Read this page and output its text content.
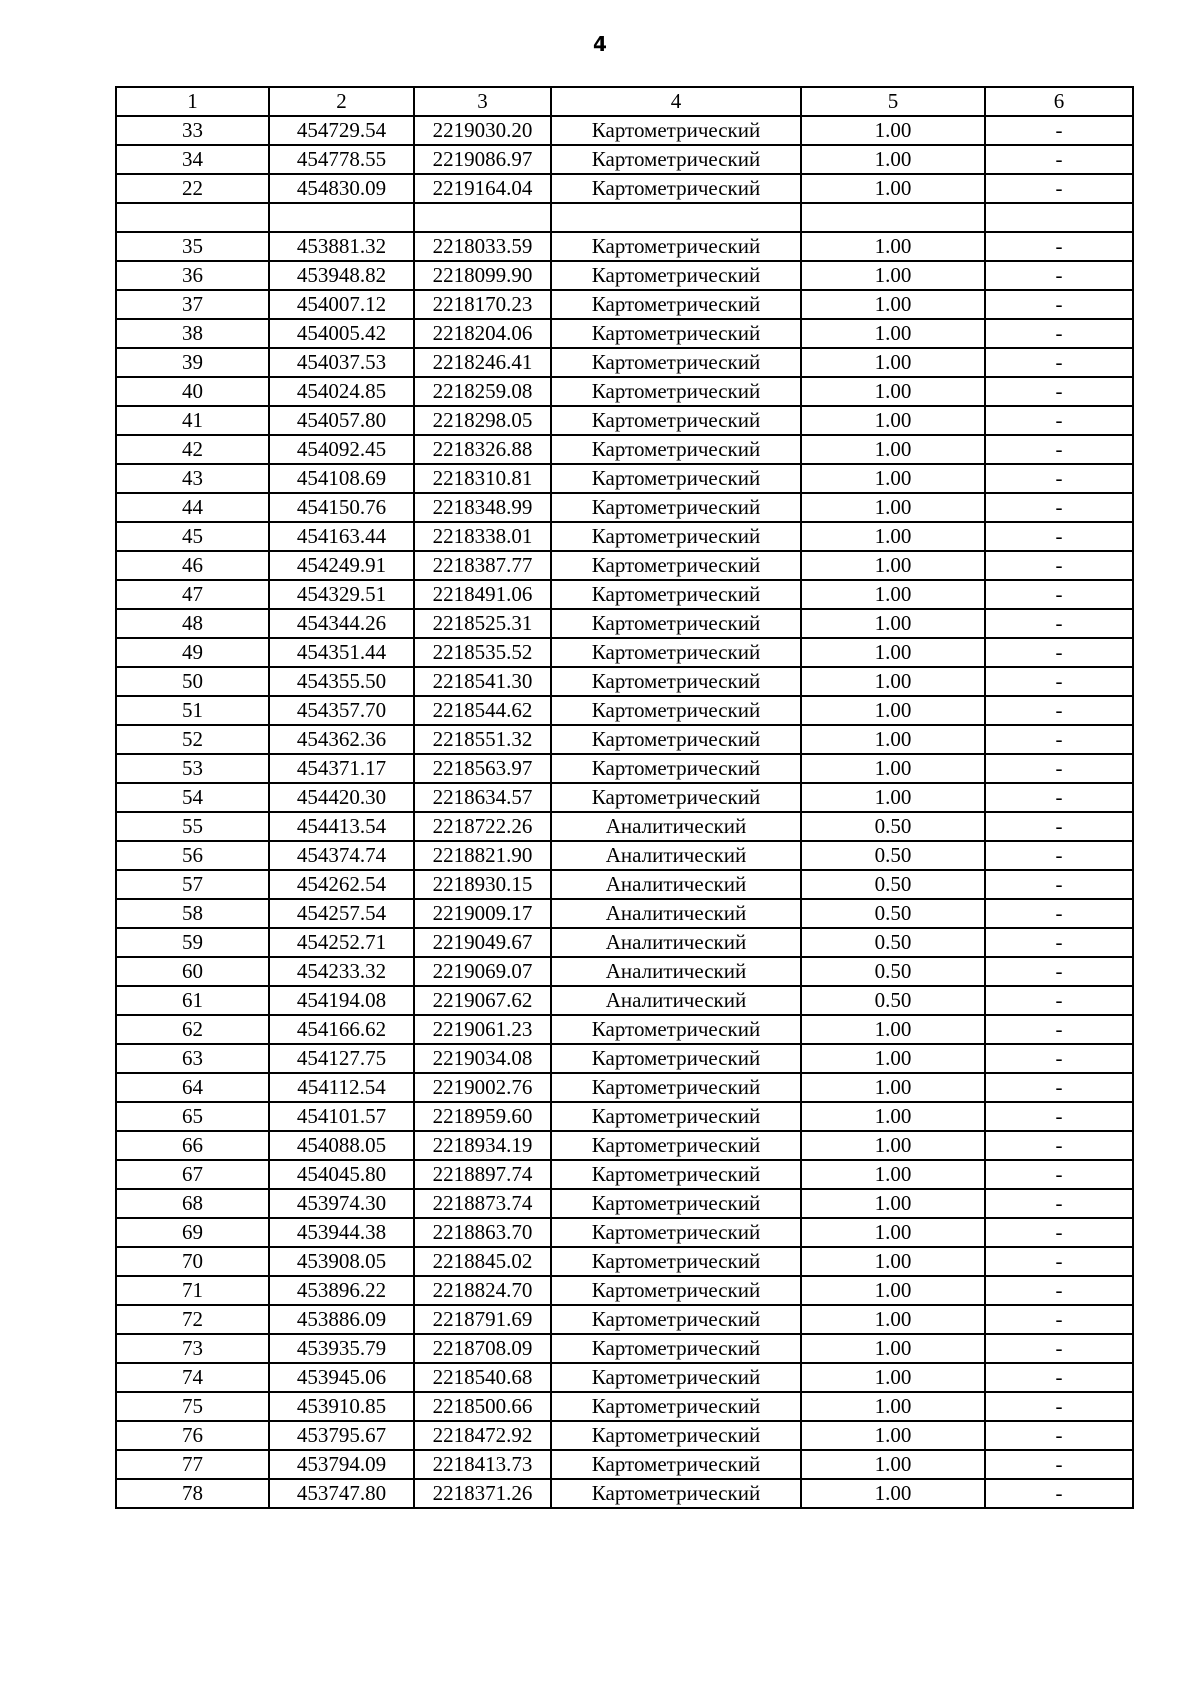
4
1	2	3	4	5	6
33	454729.54	2219030.20	Картометрический	1.00	-
34	454778.55	2219086.97	Картометрический	1.00	-
22	454830.09	2219164.04	Картометрический	1.00	-

35	453881.32	2218033.59	Картометрический	1.00	-
36	453948.82	2218099.90	Картометрический	1.00	-
37	454007.12	2218170.23	Картометрический	1.00	-
38	454005.42	2218204.06	Картометрический	1.00	-
39	454037.53	2218246.41	Картометрический	1.00	-
40	454024.85	2218259.08	Картометрический	1.00	-
41	454057.80	2218298.05	Картометрический	1.00	-
42	454092.45	2218326.88	Картометрический	1.00	-
43	454108.69	2218310.81	Картометрический	1.00	-
44	454150.76	2218348.99	Картометрический	1.00	-
45	454163.44	2218338.01	Картометрический	1.00	-
46	454249.91	2218387.77	Картометрический	1.00	-
47	454329.51	2218491.06	Картометрический	1.00	-
48	454344.26	2218525.31	Картометрический	1.00	-
49	454351.44	2218535.52	Картометрический	1.00	-
50	454355.50	2218541.30	Картометрический	1.00	-
51	454357.70	2218544.62	Картометрический	1.00	-
52	454362.36	2218551.32	Картометрический	1.00	-
53	454371.17	2218563.97	Картометрический	1.00	-
54	454420.30	2218634.57	Картометрический	1.00	-
55	454413.54	2218722.26	Аналитический	0.50	-
56	454374.74	2218821.90	Аналитический	0.50	-
57	454262.54	2218930.15	Аналитический	0.50	-
58	454257.54	2219009.17	Аналитический	0.50	-
59	454252.71	2219049.67	Аналитический	0.50	-
60	454233.32	2219069.07	Аналитический	0.50	-
61	454194.08	2219067.62	Аналитический	0.50	-
62	454166.62	2219061.23	Картометрический	1.00	-
63	454127.75	2219034.08	Картометрический	1.00	-
64	454112.54	2219002.76	Картометрический	1.00	-
65	454101.57	2218959.60	Картометрический	1.00	-
66	454088.05	2218934.19	Картометрический	1.00	-
67	454045.80	2218897.74	Картометрический	1.00	-
68	453974.30	2218873.74	Картометрический	1.00	-
69	453944.38	2218863.70	Картометрический	1.00	-
70	453908.05	2218845.02	Картометрический	1.00	-
71	453896.22	2218824.70	Картометрический	1.00	-
72	453886.09	2218791.69	Картометрический	1.00	-
73	453935.79	2218708.09	Картометрический	1.00	-
74	453945.06	2218540.68	Картометрический	1.00	-
75	453910.85	2218500.66	Картометрический	1.00	-
76	453795.67	2218472.92	Картометрический	1.00	-
77	453794.09	2218413.73	Картометрический	1.00	-
78	453747.80	2218371.26	Картометрический	1.00	-
